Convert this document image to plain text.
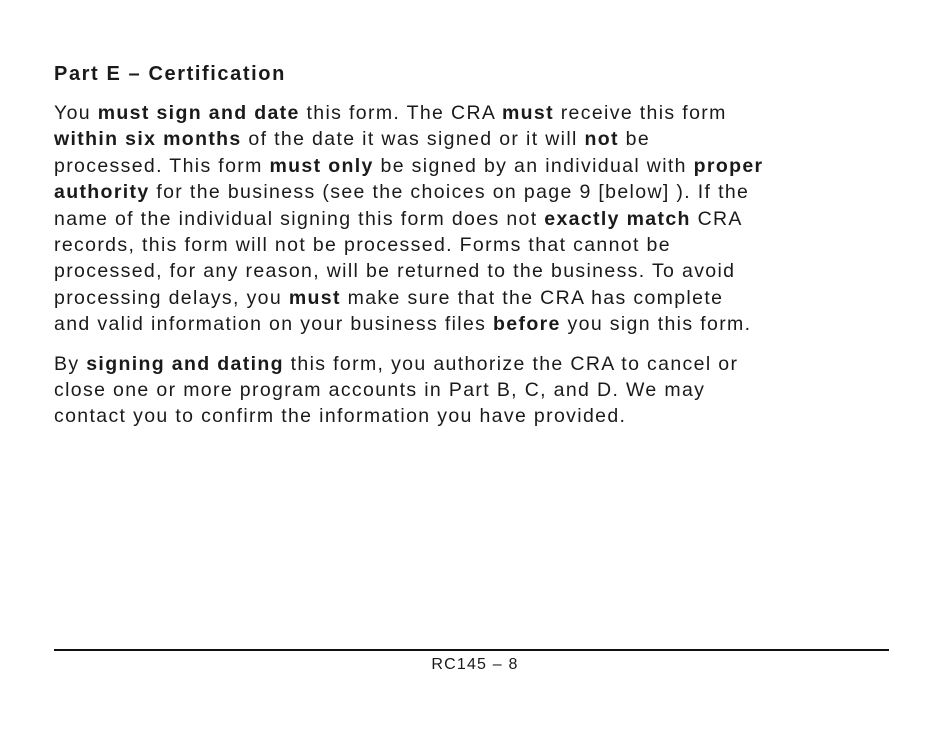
Part E – Certification
You must sign and date this form. The CRA must receive this form
within six months of the date it was signed or it will not be
processed. This form must only be signed by an individual with proper
authority for the business (see the choices on page 9 [below] ). If the
name of the individual signing this form does not exactly match CRA
records, this form will not be processed. Forms that cannot be
processed, for any reason, will be returned to the business. To avoid
processing delays, you must make sure that the CRA has complete
and valid information on your business files before you sign this form.
By signing and dating this form, you authorize the CRA to cancel or
close one or more program accounts in Part B, C, and D. We may
contact you to confirm the information you have provided.
RC145 – 8
